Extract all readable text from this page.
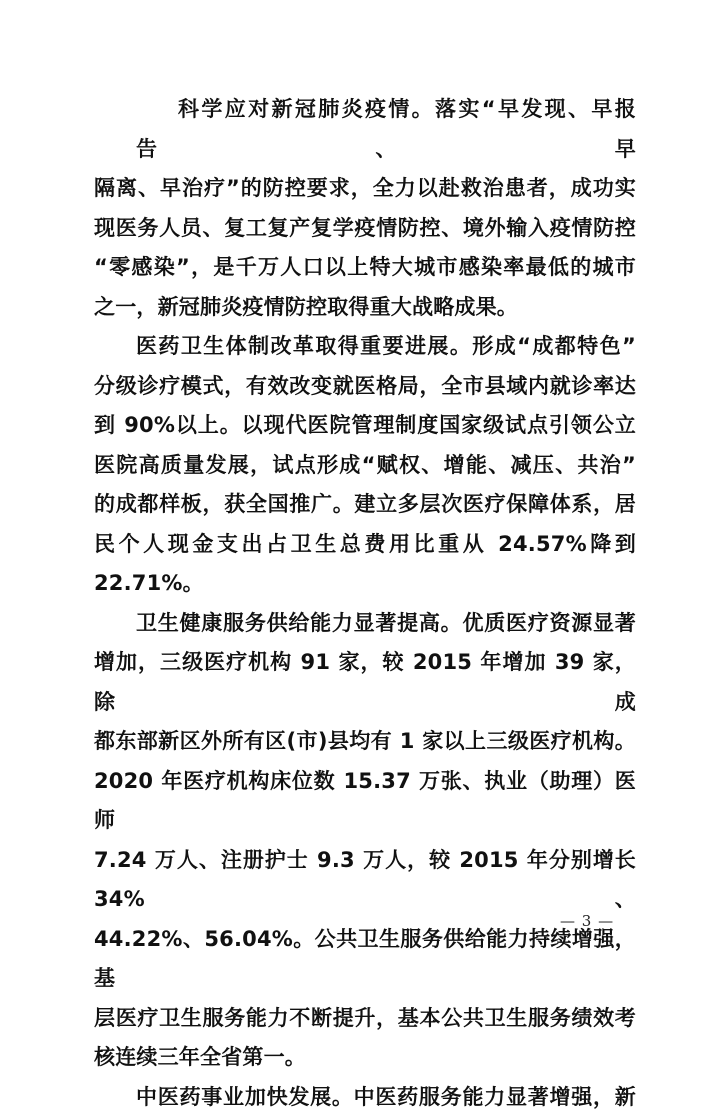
科学应对新冠肺炎疫情。落实“早发现、早报告、早
隔离、早治疗”的防控要求，全力以赴救治患者，成功实
现医务人员、复工复产复学疫情防控、境外输入疫情防控
“零感染”，是千万人口以上特大城市感染率最低的城市
之一，新冠肺炎疫情防控取得重大战略成果。
医药卫生体制改革取得重要进展。形成“成都特色”
分级诊疗模式，有效改变就医格局，全市县域内就诊率达
到 90%以上。以现代医院管理制度国家级试点引领公立
医院高质量发展，试点形成“赋权、增能、减压、共治”
的成都样板，获全国推广。建立多层次医疗保障体系，居
民个人现金支出占卫生总费用比重从 24.57%降到
22.71%。
卫生健康服务供给能力显著提高。优质医疗资源显著
增加，三级医疗机构 91 家，较 2015 年增加 39 家，除成
都东部新区外所有区(市)县均有 1 家以上三级医疗机构。
2020 年医疗机构床位数 15.37 万张、执业（助理）医师
7.24 万人、注册护士 9.3 万人，较 2015 年分别增长 34%、
44.22%、56.04%。公共卫生服务供给能力持续增强，基
层医疗卫生服务能力不断提升，基本公共卫生服务绩效考
核连续三年全省第一。
中医药事业加快发展。中医药服务能力显著增强，新
— 3 —
